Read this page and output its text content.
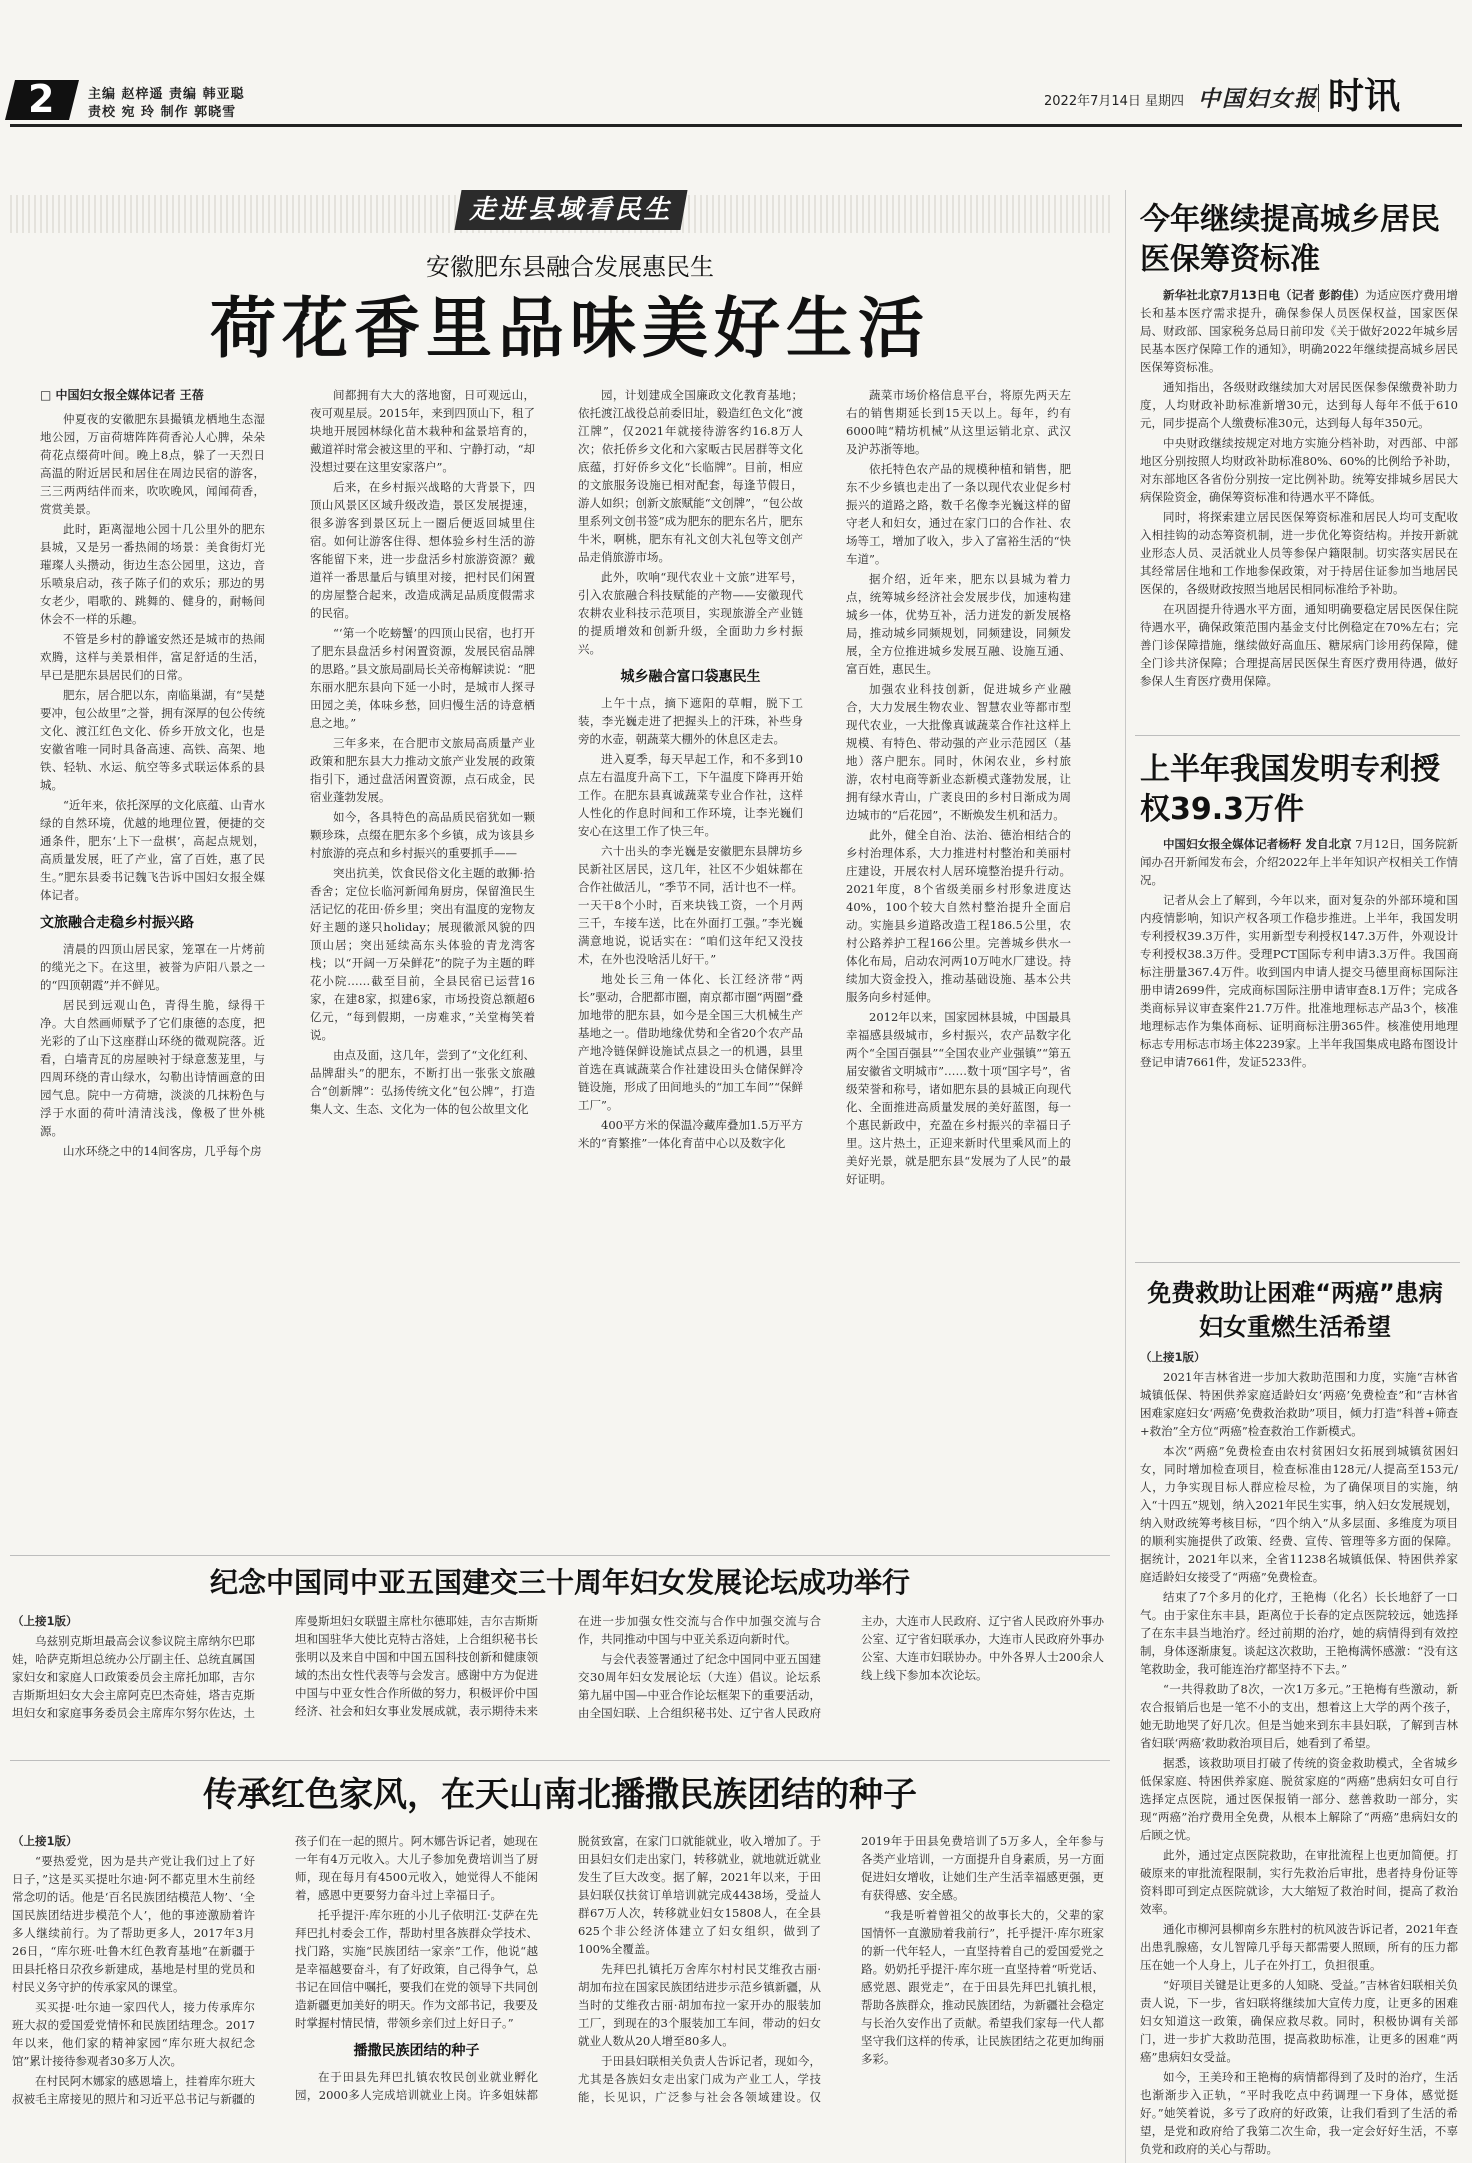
2	主编 赵梓遥 责编 韩亚聪
责校 宛 玲 制作 郭晓雪
2022年7月14日 星期四 中国妇女报 时讯
走进县域看民生
安徽肥东县融合发展惠民生
荷花香里品味美好生活
□ 中国妇女报全媒体记者 王蓓

仲夏夜的安徽肥东县撮镇龙栖地生态湿地公园，万亩荷塘阵阵荷香沁人心脾，朵朵荷花点缀荷叶间。晚上8点，躲了一天烈日高温的附近居民和居住在周边民宿的游客，三三两两结伴而来，吹吹晚风，闻闻荷香，赏赏美景。

此时，距离湿地公园十几公里外的肥东县城，又是另一番热闹的场景：美食街灯光璀璨人头攒动，街边生态公园里，这边，音乐喷泉启动，孩子陈子们的欢乐；那边的男女老少，唱歌的、跳舞的、健身的，耐畅间休会不一样的乐趣。

不管是乡村的静谧安然还是城市的热闹欢腾，这样与美景相伴，富足舒适的生活，早已是肥东县居民们的日常。

肥东，居合肥以东，南临巢湖，有“吴楚要冲，包公故里”之誉，拥有深厚的包公传统文化、渡江红色文化、侨乡开放文化，也是安徽省唯一同时具备高速、高铁、高架、地铁、轻轨、水运、航空等多式联运体系的县城。

“近年来，依托深厚的文化底蕴、山青水绿的自然环境，优越的地理位置，便捷的交通条件，肥东‘上下一盘棋’，高起点规划，高质量发展，旺了产业，富了百姓，惠了民生。”肥东县委书记魏飞告诉中国妇女报全媒体记者。

文旅融合走稳乡村振兴路

清晨的四顶山居民家，笼罩在一片烤前的缆光之下。在这里，被誉为庐阳八景之一的“四顶朝霞”并不鲜见。

居民到远观山色，青得生脆，绿得干净。大自然画师赋予了它们康德的态度，把光彩的了山下这座群山环绕的微观院落。近看，白墙青瓦的房屋映衬于绿意葱茏里，与四周环绕的青山绿水，勾勒出诗情画意的田园气息。院中一方荷塘，淡淡的几抹粉色与浮于水面的荷叶清清浅浅，像极了世外桃源。

山水环绕之中的14间客房，几乎每个房

间都拥有大大的落地窗，日可观远山，夜可观星辰。2015年，来到四顶山下，租了块地开展园林绿化苗木栽种和盆景培育的，戴道祥时常会被这里的平和、宁静打动，“却没想过要在这里安家落户”。

后来，在乡村振兴战略的大背景下，四顶山风景区区域升级改造，景区发展提速，很多游客到景区玩上一圈后便返回城里住宿。如何让游客住得、想体验乡村生活的游客能留下来，进一步盘活乡村旅游资源？戴道祥一番思量后与镇里对接，把村民们闲置的房屋整合起来，改造成满足品质度假需求的民宿。

“‘第一个吃螃蟹’的四顶山民宿，也打开了肥东县盘活乡村闲置资源，发展民宿品牌的思路。”县文旅局副局长关帝梅解读说：“肥东丽水肥东县向下延一小时，是城市人探寻田园之美，体味乡愁，回归慢生活的诗意栖息之地。”

三年多来，在合肥市文旅局高质量产业政策和肥东县大力推动文旅产业发展的政策指引下，通过盘活闲置资源，点石成金，民宿业蓬勃发展。

如今，各具特色的高品质民宿犹如一颗颗珍珠，点缀在肥东多个乡镇，成为该县乡村旅游的亮点和乡村振兴的重要抓手——

突出抗美，饮食民俗文化主题的敢狮·拾香舍；定位长临河新闻角厨房，保留渔民生活记忆的花田·侨乡里；突出有温度的宠物友好主题的遂只holiday；展现徽派风貌的四顶山居；突出延续高东头体验的青龙湾客栈；以“开阔一万朵鲜花”的院子为主题的畔花小院……截至目前，全县民宿已运营16家，在建8家，拟建6家，市场投资总额超6亿元，“每到假期，一房难求，”关堂梅笑着说。

由点及面，这几年，尝到了“文化红利、品牌甜头”的肥东，不断打出一张张文旅融合“创新牌”：弘扬传统文化“包公牌”，打造集人文、生态、文化为一体的包公故里文化

园，计划建成全国廉政文化教育基地；依托渡江战役总前委旧址，毅造红色文化“渡江牌”，仅2021年就接待游客约16.8万人次；依托侨乡文化和六家畈古民居群等文化底蕴，打好侨乡文化“长临牌”。目前，相应的文旅服务设施已相对配套，每逢节假日，游人如织；创新文旅赋能“文创牌”，“包公故里系列文创书签”成为肥东的肥东名片，肥东牛米，啊桃，肥东有礼文创大礼包等文创产品走俏旅游市场。

此外，吹响“现代农业＋文旅”进军号，引入农旅融合科技赋能的产物——安徽现代农耕农业科技示范项目，实现旅游全产业链的提质增效和创新升级，全面助力乡村振兴。

城乡融合富口袋惠民生

上午十点，摘下遮阳的草帽，脱下工装，李光巍走进了把握头上的汗珠，补些身旁的水壶，朝蔬菜大棚外的休息区走去。

进入夏季，每天早起工作，和不多到10点左右温度升高下工，下午温度下降再开始工作。在肥东县真诚蔬菜专业合作社，这样人性化的作息时间和工作环境，让李光巍们安心在这里工作了快三年。

六十出头的李光巍是安徽肥东县牌坊乡民新社区居民，这几年，社区不少姐妹都在合作社做活儿，“季节不同，活计也不一样。一天干8个小时，百来块钱工资，一个月两三千，车接车送，比在外面打工强。”李光巍满意地说，说话实在：“咱们这年纪又没技术，在外也没啥活儿好干。”

地处长三角一体化、长江经济带“两长”驱动，合肥都市圈，南京都市圈“两圈”叠加地带的肥东县，如今是全国三大机械生产基地之一。借助地缘优势和全省20个农产品产地冷链保鲜设施试点县之一的机遇，县里首选在真诚蔬菜合作社建设田头仓储保鲜冷链设施，形成了田间地头的“加工车间”“保鲜工厂”。

400平方米的保温冷藏库叠加1.5万平方米的“育繁推”一体化育苗中心以及数字化

蔬菜市场价格信息平台，将原先两天左右的销售期延长到15天以上。每年，约有6000吨“精坊机械”从这里运销北京、武汉及沪苏浙等地。

依托特色农产品的规模种植和销售，肥东不少乡镇也走出了一条以现代农业促乡村振兴的道路之路，数千名像李光巍这样的留守老人和妇女，通过在家门口的合作社、农场等工，增加了收入，步入了富裕生活的“快车道”。

据介绍，近年来，肥东以县城为着力点，统筹城乡经济社会发展步伐，加速构建城乡一体，优势互补，活力迸发的新发展格局，推动城乡同频规划，同频建设，同频发展，全方位推进城乡发展互融、设施互通、富百姓，惠民生。

加强农业科技创新，促进城乡产业融合，大力发展生物农业、智慧农业等都市型现代农业，一大批像真诚蔬菜合作社这样上规模、有特色、带动强的产业示范园区（基地）落户肥东。同时，休闲农业，乡村旅游，农村电商等新业态新模式蓬勃发展，让拥有绿水青山，广袤良田的乡村日渐成为周边城市的“后花园”，不断焕发生机和活力。

此外，健全自治、法治、德治相结合的乡村治理体系，大力推进村村整治和美丽村庄建设，开展农村人居环境整治提升行动。2021年度，8个省级美丽乡村形象进度达40%，100个较大自然村整治提升全面启动。实施县乡道路改造工程186.5公里，农村公路养护工程166公里。完善城乡供水一体化布局，启动农河两10万吨水厂建设。持续加大资金投入，推动基础设施、基本公共服务向乡村延伸。

2012年以来，国家园林县城，中国最具幸福感县级城市，乡村振兴，农产品数字化两个“全国百强县”“全国农业产业强镇”“第五届安徽省文明城市”……数十项“国字号”，省级荣誉和称号，诸如肥东县的县城正向现代化、全面推进高质量发展的美好蓝图，每一个惠民新政中，充盈在乡村振兴的幸福日子里。这片热土，正迎来新时代里乘风而上的美好光景，就是肥东县“发展为了人民”的最好证明。

纪念中国同中亚五国建交三十周年妇女发展论坛成功举行

（上接1版）

乌兹别克斯坦最高会议参议院主席纳尔巴耶娃，哈萨克斯坦总统办公厅副主任、总统直属国家妇女和家庭人口政策委员会主席托加耶，吉尔吉斯斯坦妇女大会主席阿克巴杰奇娃，塔吉克斯坦妇女和家庭事务委员会主席库尔努尔佐达，土库曼斯坦妇女联盟主席杜尔德耶娃，吉尔吉斯斯坦和国驻华大使比克特古洛娃，上合组织秘书长张明以及来自中国和中国五国科技创新和健康领域的杰出女性代表等与会发言。感谢中方为促进中国与中亚女性合作所做的努力，积极评价中国经济、社会和妇女事业发展成就，表示期待未来在进一步加强女性交流与合作中加强交流与合作，共同推动中国与中亚关系迈向新时代。

与会代表签署通过了纪念中国同中亚五国建交30周年妇女发展论坛（大连）倡议。论坛系第九届中国—中亚合作论坛框架下的重要活动，由全国妇联、上合组织秘书处、辽宁省人民政府主办，大连市人民政府、辽宁省人民政府外事办公室、辽宁省妇联承办，大连市人民政府外事办公室、大连市妇联协办。中外各界人士200余人线上线下参加本次论坛。

传承红色家风，在天山南北播撒民族团结的种子

（上接1版）

“要热爱党，因为是共产党让我们过上了好日子，”这是买买提吐尔迪·阿不都克里木生前经常念叨的话。他是‘百名民族团结模范人物’、‘全国民族团结进步模范个人’，他的事迹激励着许多人继续前行。为了帮助更多人，2017年3月26日，“库尔班·吐鲁木红色教育基地”在新疆于田县托格日尕孜乡新建成，基地是村里的党员和村民义务守护的传承家风的课堂。

买买提·吐尔迪一家四代人，接力传承库尔班大叔的爱国爱党情怀和民族团结理念。2017年以来，他们家的精神家园“库尔班大叔纪念馆”累计接待参观者30多万人次。

在村民阿木娜家的感恩墙上，挂着库尔班大叔被毛主席接见的照片和习近平总书记与新疆的孩子们在一起的照片。阿木娜告诉记者，她现在一年有4万元收入。大儿子参加免费培训当了厨师，现在每月有4500元收入，她觉得人不能闲着，感恩中更要努力奋斗过上幸福日子。

托乎提汗·库尔班的小儿子依明江·艾萨在先拜巴扎村委会工作，帮助村里各族群众学技术、找门路，实施“民族团结一家亲”工作，他说“越是幸福越要奋斗，有了好政策，自己得争气，总书记在回信中嘱托，要我们在党的领导下共同创造新疆更加美好的明天。作为文部书记，我要及时掌握村情民情，带领乡亲们过上好日子。”

播撒民族团结的种子

在于田县先拜巴扎镇农牧民创业就业孵化园，2000多人完成培训就业上岗。许多姐妹都脱贫致富，在家门口就能就业，收入增加了。于田县妇女们走出家门，转移就业，就地就近就业发生了巨大改变。据了解，2021年以来，于田县妇联仅扶贫订单培训就完成4438场，受益人群67万人次，转移就业妇女15808人，在全县625个非公经济体建立了妇女组织，做到了100%全覆盖。

先拜巴扎镇托万舍库尔村村民艾维孜古丽·胡加布拉在国家民族团结进步示范乡镇新疆，从当时的艾维孜古丽·胡加布拉一家开办的服装加工厂，到现在的3个服装加工车间，带动的妇女就业人数从20人增至80多人。

于田县妇联相关负责人告诉记者，现如今，尤其是各族妇女走出家门成为产业工人，学技能，长见识，广泛参与社会各领域建设。仅2019年于田县免费培训了5万多人，全年参与各类产业培训，一方面提升自身素质，另一方面促进妇女增收，让她们生产生活幸福感更强，更有获得感、安全感。

“我是听着曾祖父的故事长大的，父辈的家国情怀一直激励着我前行”，托乎提汗·库尔班家的新一代年轻人，一直坚持着自己的爱国爱党之路。奶奶托乎提汗·库尔班一直坚持着“听党话、感党恩、跟党走”，在于田县先拜巴扎镇扎根，帮助各族群众，推动民族团结，为新疆社会稳定与长治久安作出了贡献。希望我们家每一代人都坚守我们这样的传承，让民族团结之花更加绚丽多彩。

今年继续提高城乡居民医保筹资标准

新华社北京7月13日电（记者 彭韵佳）为适应医疗费用增长和基本医疗需求提升，确保参保人员医保权益，国家医保局、财政部、国家税务总局日前印发《关于做好2022年城乡居民基本医疗保障工作的通知》，明确2022年继续提高城乡居民医保筹资标准。

通知指出，各级财政继续加大对居民医保参保缴费补助力度，人均财政补助标准新增30元，达到每人每年不低于610元，同步提高个人缴费标准30元，达到每人每年350元。

中央财政继续按规定对地方实施分档补助，对西部、中部地区分别按照人均财政补助标准80%、60%的比例给予补助，对东部地区各省份分别按一定比例补助。统筹安排城乡居民大病保险资金，确保筹资标准和待遇水平不降低。

同时，将探索建立居民医保筹资标准和居民人均可支配收入相挂钩的动态筹资机制，进一步优化筹资结构。并按开新就业形态人员、灵活就业人员等参保户籍限制。切实落实居民在其经常居住地和工作地参保政策，对于持居住证参加当地居民医保的，各级财政按照当地居民相同标准给予补助。

在巩固提升待遇水平方面，通知明确要稳定居民医保住院待遇水平，确保政策范围内基金支付比例稳定在70%左右；完善门诊保障措施，继续做好高血压、糖尿病门诊用药保障，健全门诊共济保障；合理提高居民医保生育医疗费用待遇，做好参保人生育医疗费用保障。

上半年我国发明专利授权39.3万件

中国妇女报全媒体记者杨籽 发自北京 7月12日，国务院新闻办召开新闻发布会，介绍2022年上半年知识产权相关工作情况。

记者从会上了解到，今年以来，面对复杂的外部环境和国内疫情影响，知识产权各项工作稳步推进。上半年，我国发明专利授权39.3万件，实用新型专利授权147.3万件，外观设计专利授权38.3万件。受理PCT国际专利申请3.3万件。我国商标注册量367.4万件。收到国内申请人提交马德里商标国际注册申请2699件，完成商标国际注册申请审查8.1万件；完成各类商标异议审查案件21.7万件。批准地理标志产品3个，核准地理标志作为集体商标、证明商标注册365件。核准使用地理标志专用标志市场主体2239家。上半年我国集成电路布图设计登记申请7661件，发证5233件。

免费救助让困难“两癌”患病妇女重燃生活希望

（上接1版）

2021年吉林省进一步加大救助范围和力度，实施“吉林省城镇低保、特困供养家庭适龄妇女‘两癌’免费检查”和“吉林省困难家庭妇女‘两癌’免费救治救助”项目，倾力打造“科普+筛查+救治”全方位“两癌”检查救治工作新模式。

本次“两癌”免费检查由农村贫困妇女拓展到城镇贫困妇女，同时增加检查项目，检查标准由128元/人提高至153元/人，力争实现目标人群应检尽检，为了确保项目的实施，纳入“十四五”规划，纳入2021年民生实事，纳入妇女发展规划，纳入财政统筹考核目标，“四个纳入”从多层面、多维度为项目的顺利实施提供了政策、经费、宣传、管理等多方面的保障。据统计，2021年以来，全省11238名城镇低保、特困供养家庭适龄妇女接受了“两癌”免费检查。

结束了7个多月的化疗，王艳梅（化名）长长地舒了一口气。由于家住东丰县，距离位于长春的定点医院较远，她选择了在东丰县当地治疗。经过前期的治疗，她的病情得到有效控制，身体逐渐康复。谈起这次救助，王艳梅满怀感激：“没有这笔救助金，我可能连治疗都坚持不下去。”

“一共得救助了8次，一次1万多元。”王艳梅有些激动，新农合报销后也是一笔不小的支出，想着这上大学的两个孩子，她无助地哭了好几次。但是当她来到东丰县妇联，了解到吉林省妇联‘两癌’救助救治项目后，她看到了希望。

据悉，该救助项目打破了传统的资金救助模式，全省城乡低保家庭、特困供养家庭、脱贫家庭的“两癌”患病妇女可自行选择定点医院，通过医保报销一部分、慈善救助一部分，实现“两癌”治疗费用全免费，从根本上解除了“两癌”患病妇女的后顾之忧。

此外，通过定点医院救助，在审批流程上也更加简便。打破原来的审批流程限制，实行先救治后审批，患者持身份证等资料即可到定点医院就诊，大大缩短了救治时间，提高了救治效率。

通化市柳河县柳南乡东胜村的杭风波告诉记者，2021年查出患乳腺癌，女儿智障几乎每天都需要人照顾，所有的压力都压在她一个人身上，儿子在外打工，负担很重。

“好项目关键是让更多的人知晓、受益。”吉林省妇联相关负责人说，下一步，省妇联将继续加大宣传力度，让更多的困难妇女知道这一政策，确保应救尽救。同时，积极协调有关部门，进一步扩大救助范围，提高救助标准，让更多的困难“两癌”患病妇女受益。

如今，王美玲和王艳梅的病情都得到了及时的治疗，生活也渐渐步入正轨，“平时我吃点中药调理一下身体，感觉挺好。”她笑着说，多亏了政府的好政策，让我们看到了生活的希望，是党和政府给了我第二次生命，我一定会好好生活，不辜负党和政府的关心与帮助。
